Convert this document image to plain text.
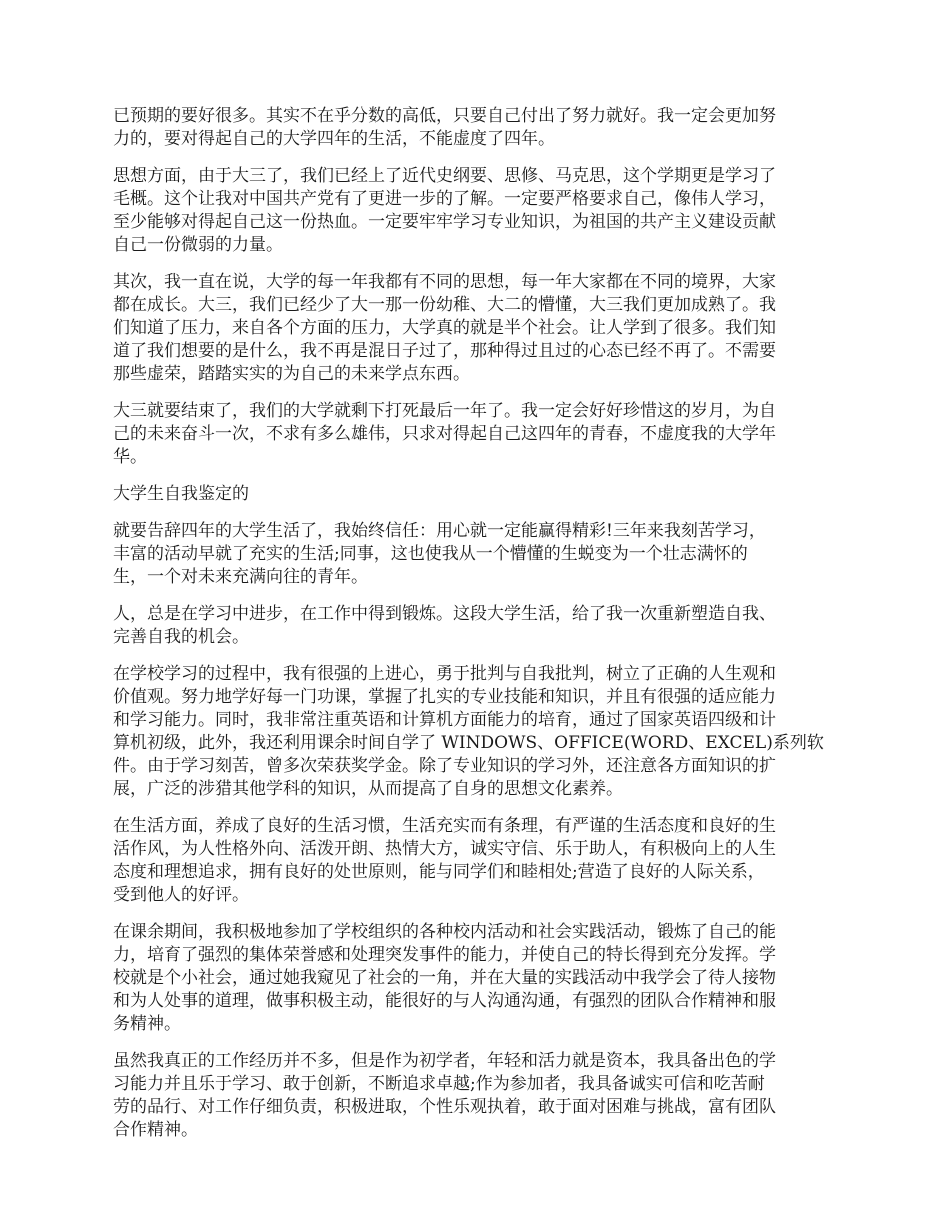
已预期的要好很多。其实不在乎分数的高低，只要自己付出了努力就好。我一定会更加努
力的，要对得起自己的大学四年的生活，不能虚度了四年。

思想方面，由于大三了，我们已经上了近代史纲要、思修、马克思，这个学期更是学习了
毛概。这个让我对中国共产党有了更进一步的了解。一定要严格要求自己，像伟人学习，
至少能够对得起自己这一份热血。一定要牢牢学习专业知识，为祖国的共产主义建设贡献
自己一份微弱的力量。

其次，我一直在说，大学的每一年我都有不同的思想，每一年大家都在不同的境界，大家
都在成长。大三，我们已经少了大一那一份幼稚、大二的懵懂，大三我们更加成熟了。我
们知道了压力，来自各个方面的压力，大学真的就是半个社会。让人学到了很多。我们知
道了我们想要的是什么，我不再是混日子过了，那种得过且过的心态已经不再了。不需要
那些虚荣，踏踏实实的为自己的未来学点东西。

大三就要结束了，我们的大学就剩下打死最后一年了。我一定会好好珍惜这的岁月，为自
己的未来奋斗一次，不求有多么雄伟，只求对得起自己这四年的青春，不虚度我的大学年
华。

大学生自我鉴定的

就要告辞四年的大学生活了，我始终信任：用心就一定能赢得精彩!三年来我刻苦学习，
丰富的活动早就了充实的生活;同事，这也使我从一个懵懂的生蜕变为一个壮志满怀的
生，一个对未来充满向往的青年。

人，总是在学习中进步，在工作中得到锻炼。这段大学生活，给了我一次重新塑造自我、
完善自我的机会。

在学校学习的过程中，我有很强的上进心，勇于批判与自我批判，树立了正确的人生观和
价值观。努力地学好每一门功课，掌握了扎实的专业技能和知识，并且有很强的适应能力
和学习能力。同时，我非常注重英语和计算机方面能力的培育，通过了国家英语四级和计
算机初级，此外，我还利用课余时间自学了 WINDOWS、OFFICE(WORD、EXCEL)系列软
件。由于学习刻苦，曾多次荣获奖学金。除了专业知识的学习外，还注意各方面知识的扩
展，广泛的涉猎其他学科的知识，从而提高了自身的思想文化素养。

在生活方面，养成了良好的生活习惯，生活充实而有条理，有严谨的生活态度和良好的生
活作风，为人性格外向、活泼开朗、热情大方，诚实守信、乐于助人，有积极向上的人生
态度和理想追求，拥有良好的处世原则，能与同学们和睦相处;营造了良好的人际关系，
受到他人的好评。

在课余期间，我积极地参加了学校组织的各种校内活动和社会实践活动，锻炼了自己的能
力，培育了强烈的集体荣誉感和处理突发事件的能力，并使自己的特长得到充分发挥。学
校就是个小社会，通过她我窥见了社会的一角，并在大量的实践活动中我学会了待人接物
和为人处事的道理，做事积极主动，能很好的与人沟通沟通，有强烈的团队合作精神和服
务精神。

虽然我真正的工作经历并不多，但是作为初学者，年轻和活力就是资本，我具备出色的学
习能力并且乐于学习、敢于创新，不断追求卓越;作为参加者，我具备诚实可信和吃苦耐
劳的品行、对工作仔细负责，积极进取，个性乐观执着，敢于面对困难与挑战，富有团队
合作精神。
